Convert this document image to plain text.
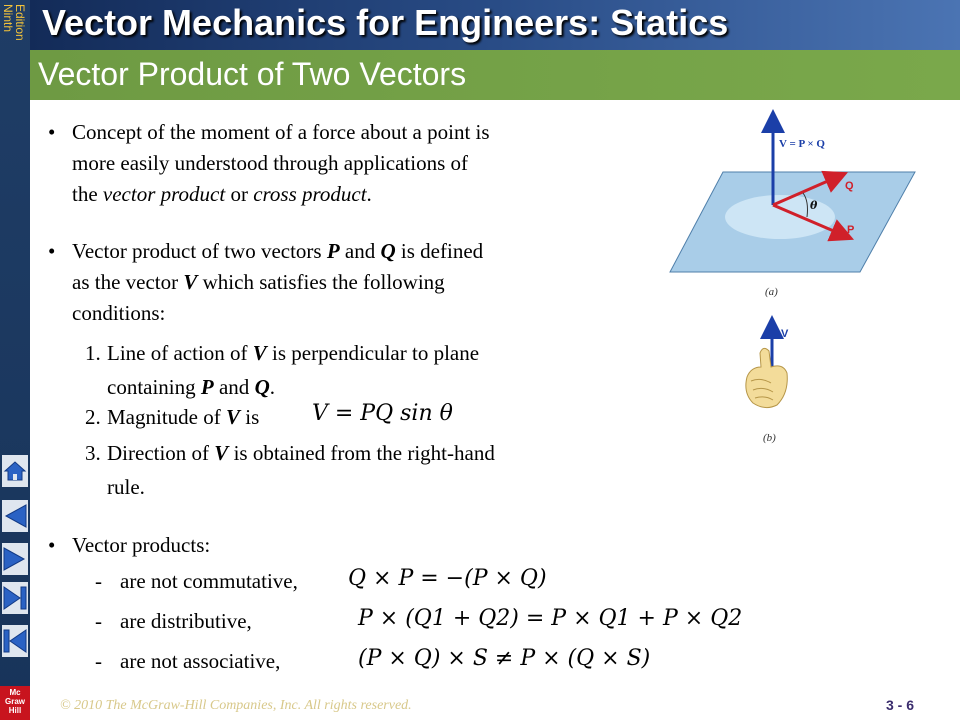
Ninth
Edition
Mc
Graw
Hill
Vector Mechanics for Engineers: Statics
Vector Product of Two Vectors
• Concept of the moment of a force about a point is
more easily understood through applications of
the vector product or cross product.
• Vector product of two vectors P and Q is defined
as the vector V which satisfies the following
conditions:
1. Line of action of V is perpendicular to plane
containing P and Q.
2. Magnitude of V is V = PQ sin θ
3. Direction of V is obtained from the right-hand
rule.
• Vector products:
- are not commutative, Q × P = −(P × Q)
- are distributive,	P × (Q1 + Q2) = P × Q1 + P × Q2
- are not associative,	(P × Q) × S ≠ P × (Q × S)
V = P × Q
Q
P
θ
(a)
V
(b)
© 2010 The McGraw-Hill Companies, Inc. All rights reserved.	3 - 6
